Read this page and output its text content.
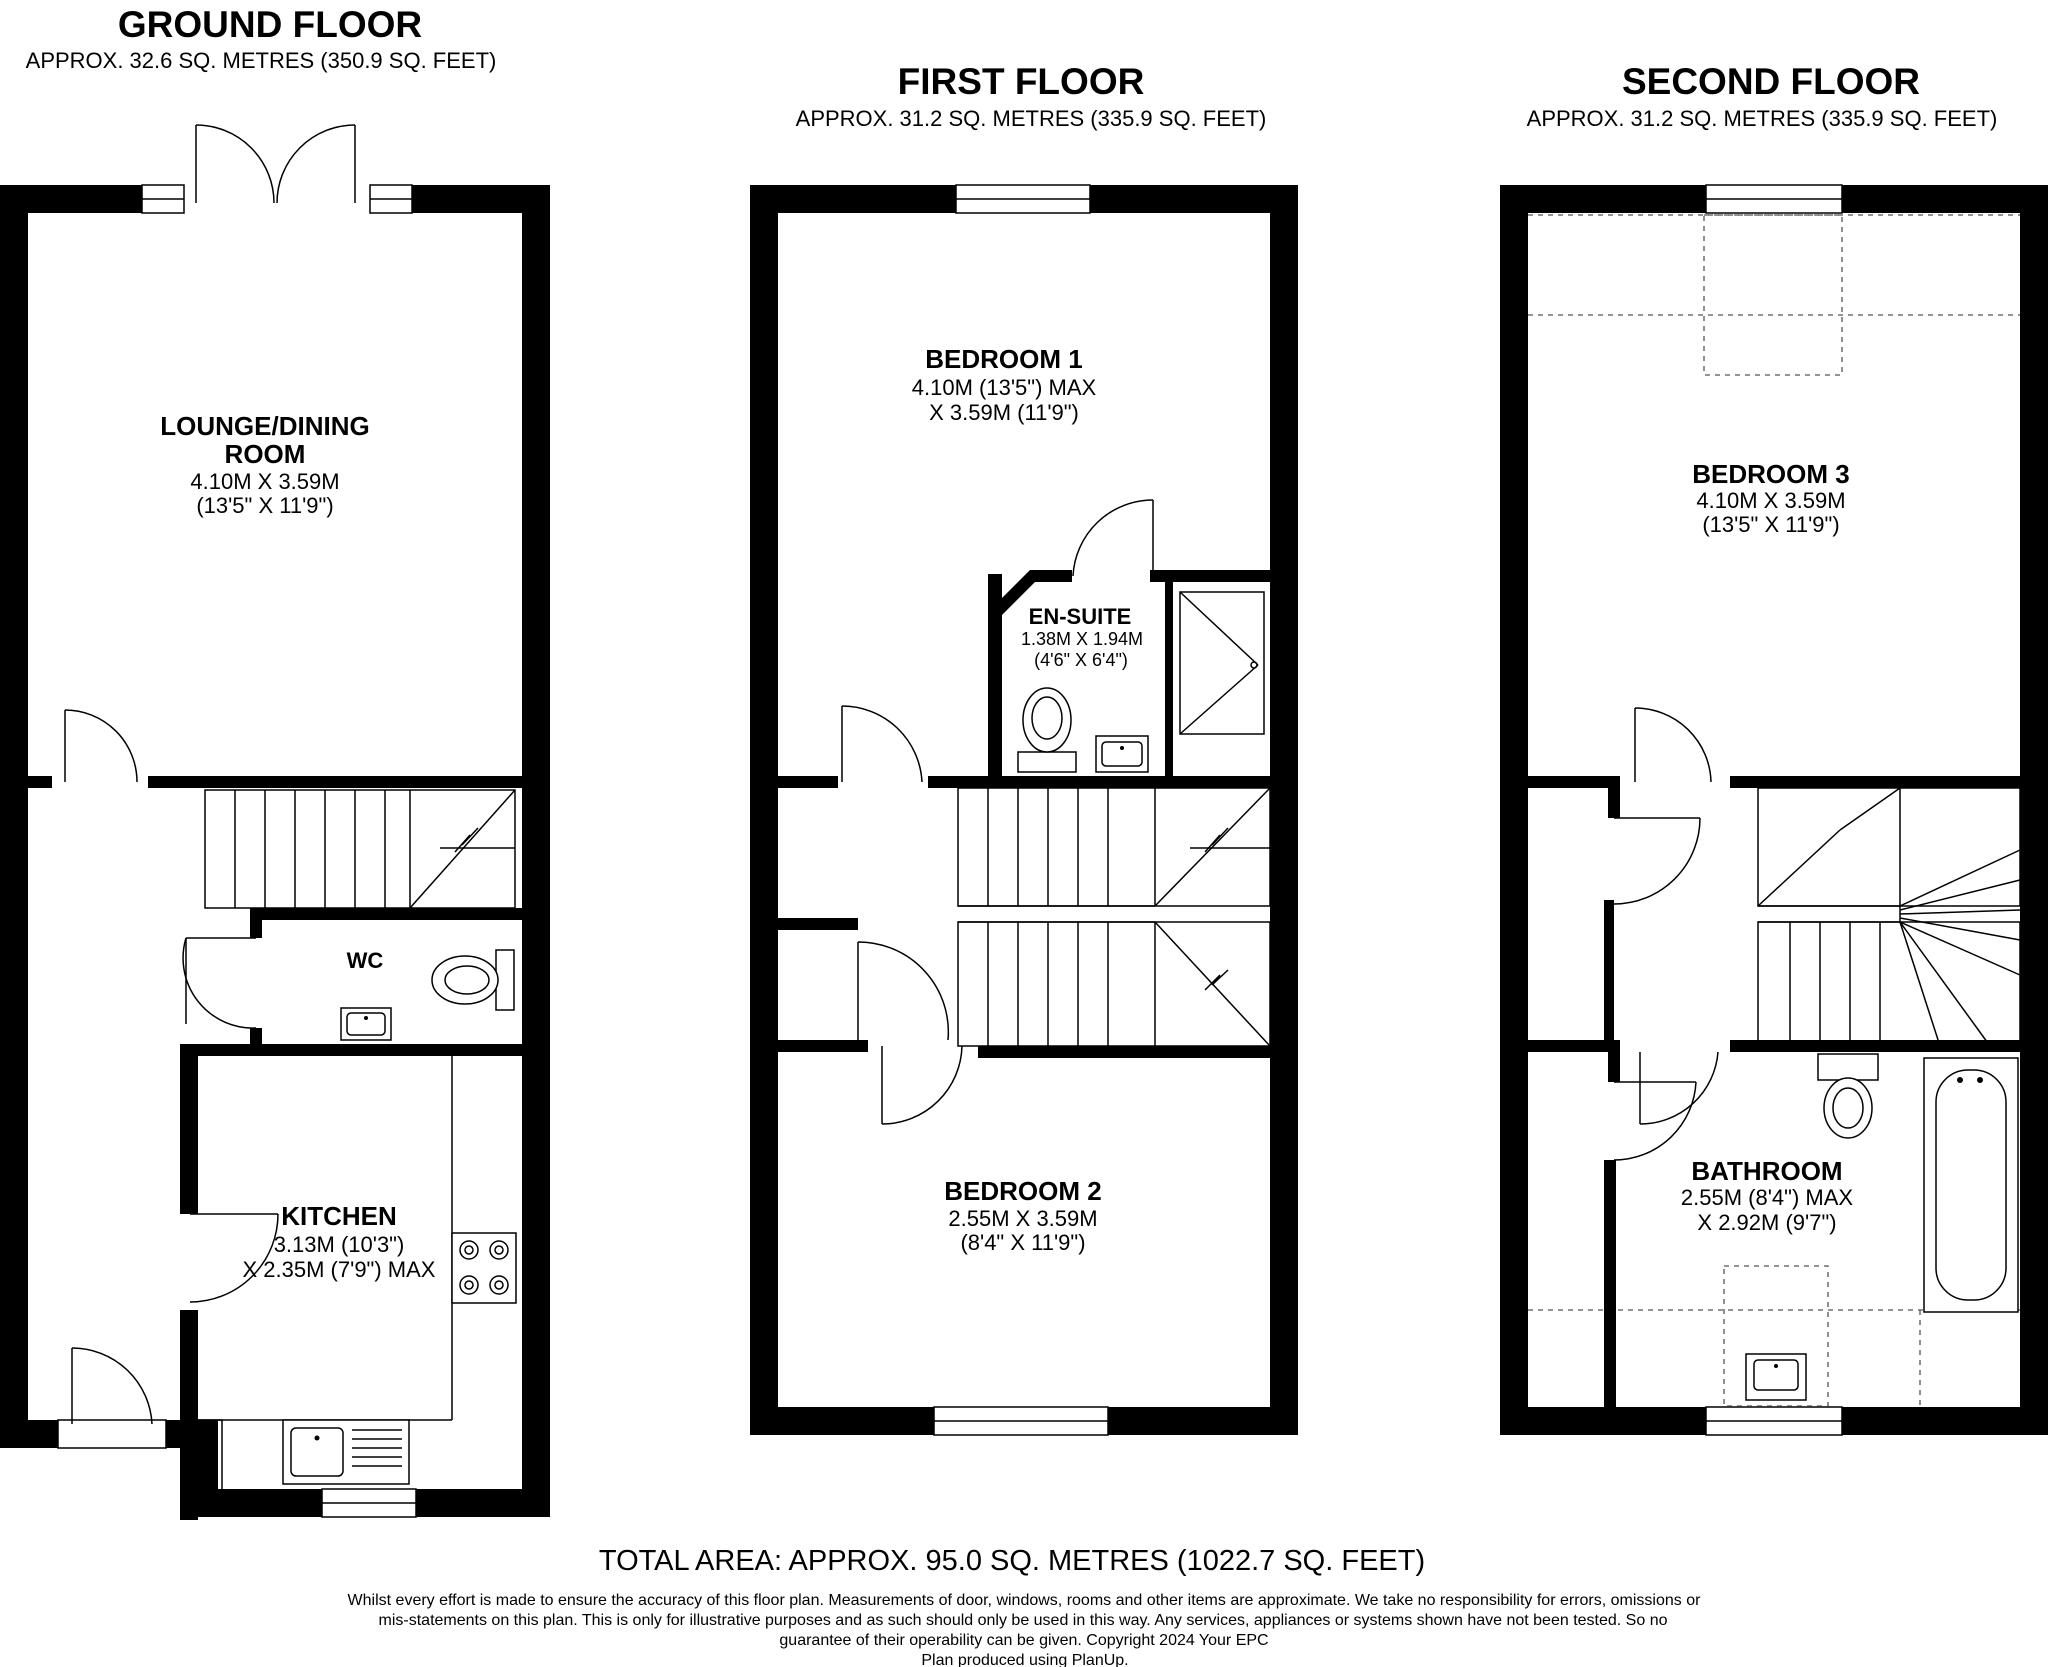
GROUND FLOOR
APPROX. 32.6 SQ. METRES (350.9 SQ. FEET)
WC
LOUNGE/DINING
ROOM
4.10M X 3.59M
(13'5" X 11'9")
KITCHEN
3.13M (10'3")
X 2.35M (7'9") MAX
FIRST FLOOR
APPROX. 31.2 SQ. METRES (335.9 SQ. FEET)
EN-SUITE
1.38M X 1.94M
(4'6" X 6'4")
BEDROOM 1
4.10M (13'5") MAX
X 3.59M (11'9")
BEDROOM 2
2.55M X 3.59M
(8'4" X 11'9")
SECOND FLOOR
APPROX. 31.2 SQ. METRES (335.9 SQ. FEET)
BEDROOM 3
4.10M X 3.59M
(13'5" X 11'9")
BATHROOM
2.55M (8'4") MAX
X 2.92M (9'7")
TOTAL AREA: APPROX. 95.0 SQ. METRES (1022.7 SQ. FEET)
Whilst every effort is made to ensure the accuracy of this floor plan. Measurements of door, windows, rooms and other items are approximate. We take no responsibility for errors, omissions or
mis-statements on this plan. This is only for illustrative purposes and as such should only be used in this way. Any services, appliances or systems shown have not been tested. So no
guarantee of their operability can be given. Copyright 2024 Your EPC
Plan produced using PlanUp.
